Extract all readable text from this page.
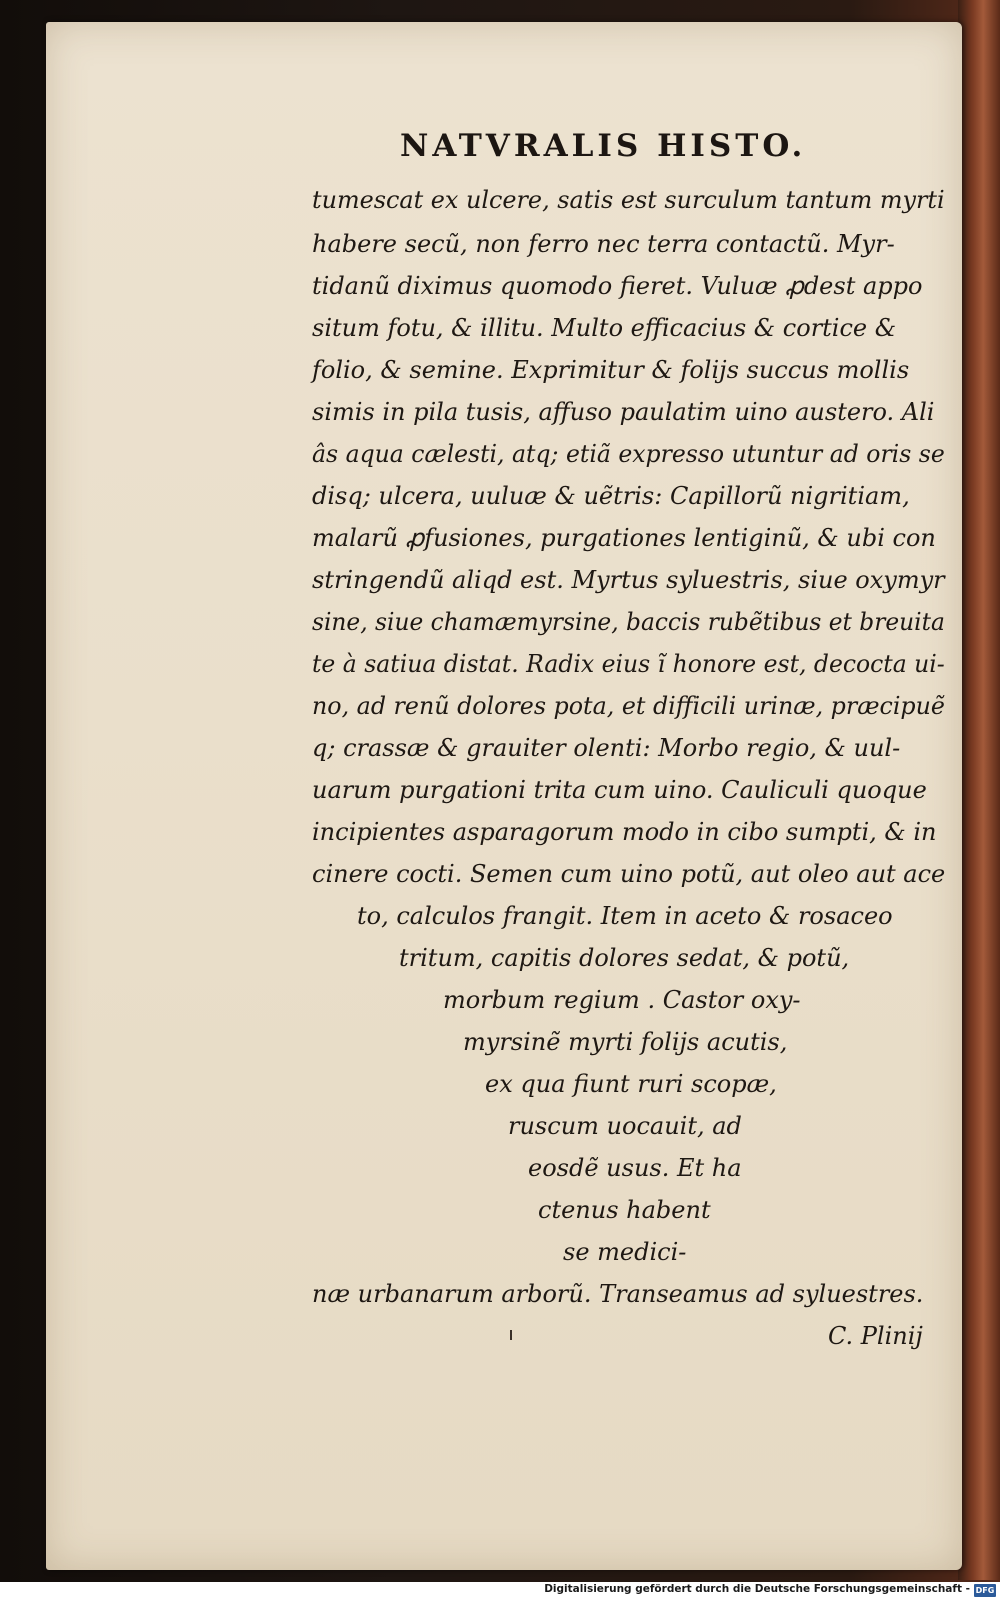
NATVRALIS HISTO.
tumescat ex ulcere, satis est surculum tantum myrti
habere secũ, non ferro nec terra contactũ. Myr-
tidanũ diximus quomodo fieret. Vuluæ ꝓdest appo
situm fotu, & illitu. Multo efficacius & cortice &
folio, & semine. Exprimitur & folijs succus mollis
simis in pila tusis, affuso paulatim uino austero. Ali
âs aqua cælesti, atq; etiã expresso utuntur ad oris se
disq; ulcera, uuluæ & uẽtris: Capillorũ nigritiam,
malarũ ꝓfusiones, purgationes lentiginũ, & ubi con
stringendũ aliqd est. Myrtus syluestris, siue oxymyr
sine, siue chamæmyrsine, baccis rubẽtibus et breuita
te à satiua distat. Radix eius ĩ honore est, decocta ui-
no, ad renũ dolores pota, et difficili urinæ, præcipuẽ
q; crassæ & grauiter olenti: Morbo regio, & uul-
uarum purgationi trita cum uino. Cauliculi quoque
incipientes asparagorum modo in cibo sumpti, & in
cinere cocti. Semen cum uino potũ, aut oleo aut ace
to, calculos frangit. Item in aceto & rosaceo
tritum, capitis dolores sedat, & potũ,
morbum regium . Castor oxy-
myrsinẽ myrti folijs acutis,
ex qua fiunt ruri scopæ,
ruscum uocauit, ad
eosdẽ usus. Et ha
ctenus habent
se medici-
næ urbanarum arborũ. Transeamus ad syluestres.
C. Plinij
Digitalisierung gefördert durch die Deutsche Forschungsgemeinschaft - DFG
